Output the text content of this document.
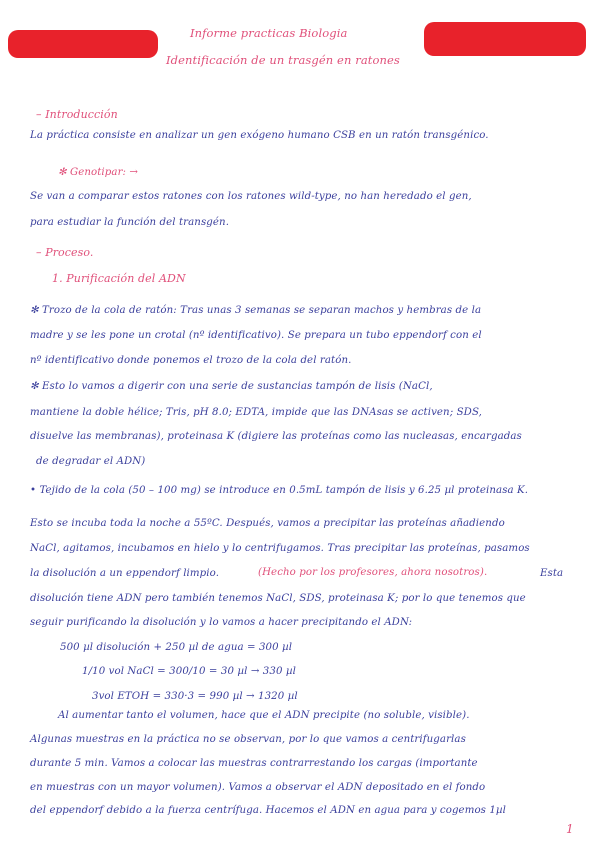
Informe practicas Biologia
Identificación de un trasgén en ratones
– Introducción
La práctica consiste en analizar un gen exógeno humano CSB en un ratón transgénico.
✻ Genotipar: →
Se van a comparar estos ratones con los ratones wild-type, no han heredado el gen,
para estudiar la función del transgén.
– Proceso.
1. Purificación del ADN
✻ Trozo de la cola de ratón: Tras unas 3 semanas se separan machos y hembras de la
madre y se les pone un crotal (nº identificativo). Se prepara un tubo eppendorf con el
nº identificativo donde ponemos el trozo de la cola del ratón.
✻ Esto lo vamos a digerir con una serie de sustancias tampón de lisis (NaCl,
mantiene la doble hélice; Tris, pH 8.0; EDTA, impide que las DNAsas se activen; SDS,
disuelve las membranas), proteinasa K (digiere las proteínas como las nucleasas, encargadas
de degradar el ADN)
• Tejido de la cola (50 – 100 mg) se introduce en 0.5mL tampón de lisis y 6.25 µl proteinasa K.
Esto se incuba toda la noche a 55ºC. Después, vamos a precipitar las proteínas añadiendo
NaCl, agitamos, incubamos en hielo y lo centrifugamos. Tras precipitar las proteínas, pasamos
la disolución a un eppendorf limpio.	(Hecho por los profesores, ahora nosotros).	Esta
disolución tiene ADN pero también tenemos NaCl, SDS, proteinasa K; por lo que tenemos que
seguir purificando la disolución y lo vamos a hacer precipitando el ADN:
500 µl disolución + 250 µl de agua = 300 µl
1/10 vol NaCl = 300/10 = 30 µl → 330 µl
3vol ETOH = 330·3 = 990 µl → 1320 µl
Al aumentar tanto el volumen, hace que el ADN precipite (no soluble, visible).
Algunas muestras en la práctica no se observan, por lo que vamos a centrifugarlas
durante 5 min. Vamos a colocar las muestras contrarrestando los cargas (importante
en muestras con un mayor volumen). Vamos a observar el ADN depositado en el fondo
del eppendorf debido a la fuerza centrífuga. Hacemos el ADN en agua para y cogemos 1µl
1
